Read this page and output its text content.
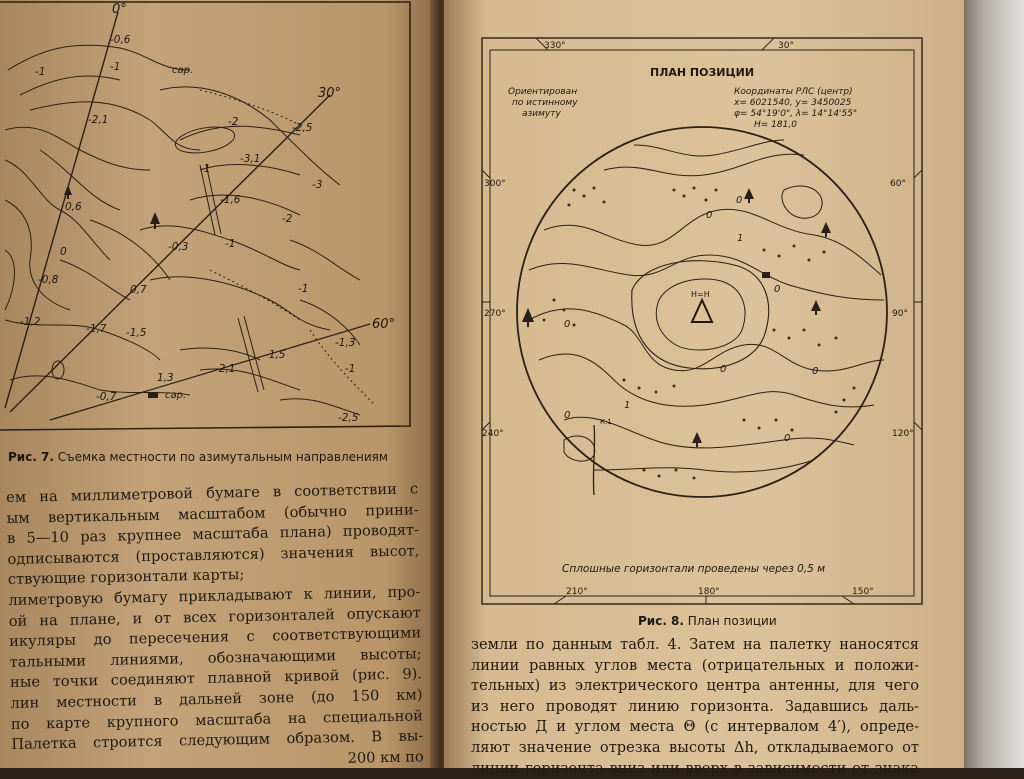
0°
30°
60°
-0,6
-1
-2,1	-2	-2,5
-3,1
-3
-1,6
-2
0,6
-0,3	-1
0
-0,8
0,7	-1
-1,2
-1,7 -1,5
-2,1
-1,5
-1,3
1,3
-0,7
-2,5
-1
-1
-1
сар.
сар.
Рис. 7. Съемка местности по азимутальным направлениям
ем на миллиметровой бумаге в соответствии с
ым вертикальным масштабом (обычно прини-
в 5—10 раз крупнее масштаба плана) проводят-
одписываются (проставляются) значения высот,
ствующие горизонтали карты;
лиметровую бумагу прикладывают к линии, про-
ой на плане, и от всех горизонталей опускают
икуляры до пересечения с соответствующими
тальными линиями, обозначающими высоты;
ные точки соединяют плавной кривой (рис. 9).
лин местности в дальней зоне (до 150 км)
по карте крупного масштаба на специальной
Палетка строится следующим образом. В вы-
200 км по
Н=Н
К.1
0
1
0
0
0
0
0
0
1
0
ПЛАН ПОЗИЦИИ
Ориентирован
по истинному
азимуту
Координаты РЛС (центр)
x= 6021540, y= 3450025
φ= 54°19'0", λ= 14°14'55"
H= 181,0
Сплошные горизонтали проведены через 0,5 м
330°	30°
300°	60°
270°	90°
240°	120°
210°	180°	150°
Рис. 8. План позиции
земли по данным табл. 4. Затем на палетку наносятся
линии равных углов места (отрицательных и положи-
тельных) из электрического центра антенны, для чего
из него проводят линию горизонта. Задавшись даль-
ностью Д и углом места Θ (с интервалом 4′), опреде-
ляют значение отрезка высоты Δh, откладываемого от
линии горизонта вниз или вверх в зависимости от знака
